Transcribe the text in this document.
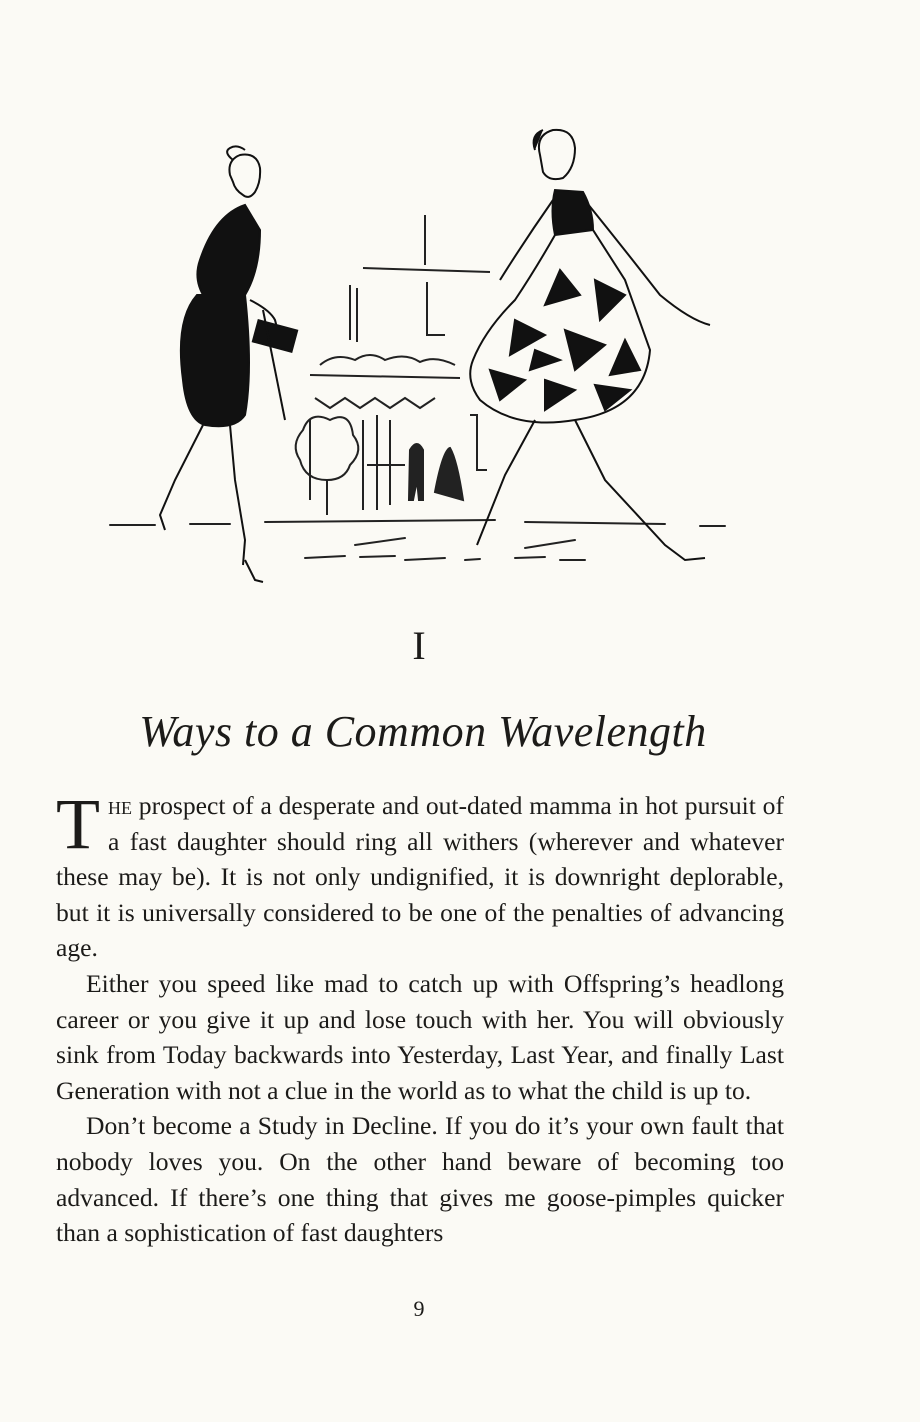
I
Ways to a Common Wavelength

The prospect of a desperate and out-dated mamma in hot pursuit of a fast daughter should ring all withers (wherever and whatever these may be). It is not only undignified, it is downright deplorable, but it is universally considered to be one of the penalties of advancing age.

Either you speed like mad to catch up with Offspring’s headlong career or you give it up and lose touch with her. You will obviously sink from Today backwards into Yesterday, Last Year, and finally Last Generation with not a clue in the world as to what the child is up to.

Don’t become a Study in Decline. If you do it’s your own fault that nobody loves you. On the other hand beware of becoming too advanced. If there’s one thing that gives me goose-pimples quicker than a sophistication of fast daughters

9
